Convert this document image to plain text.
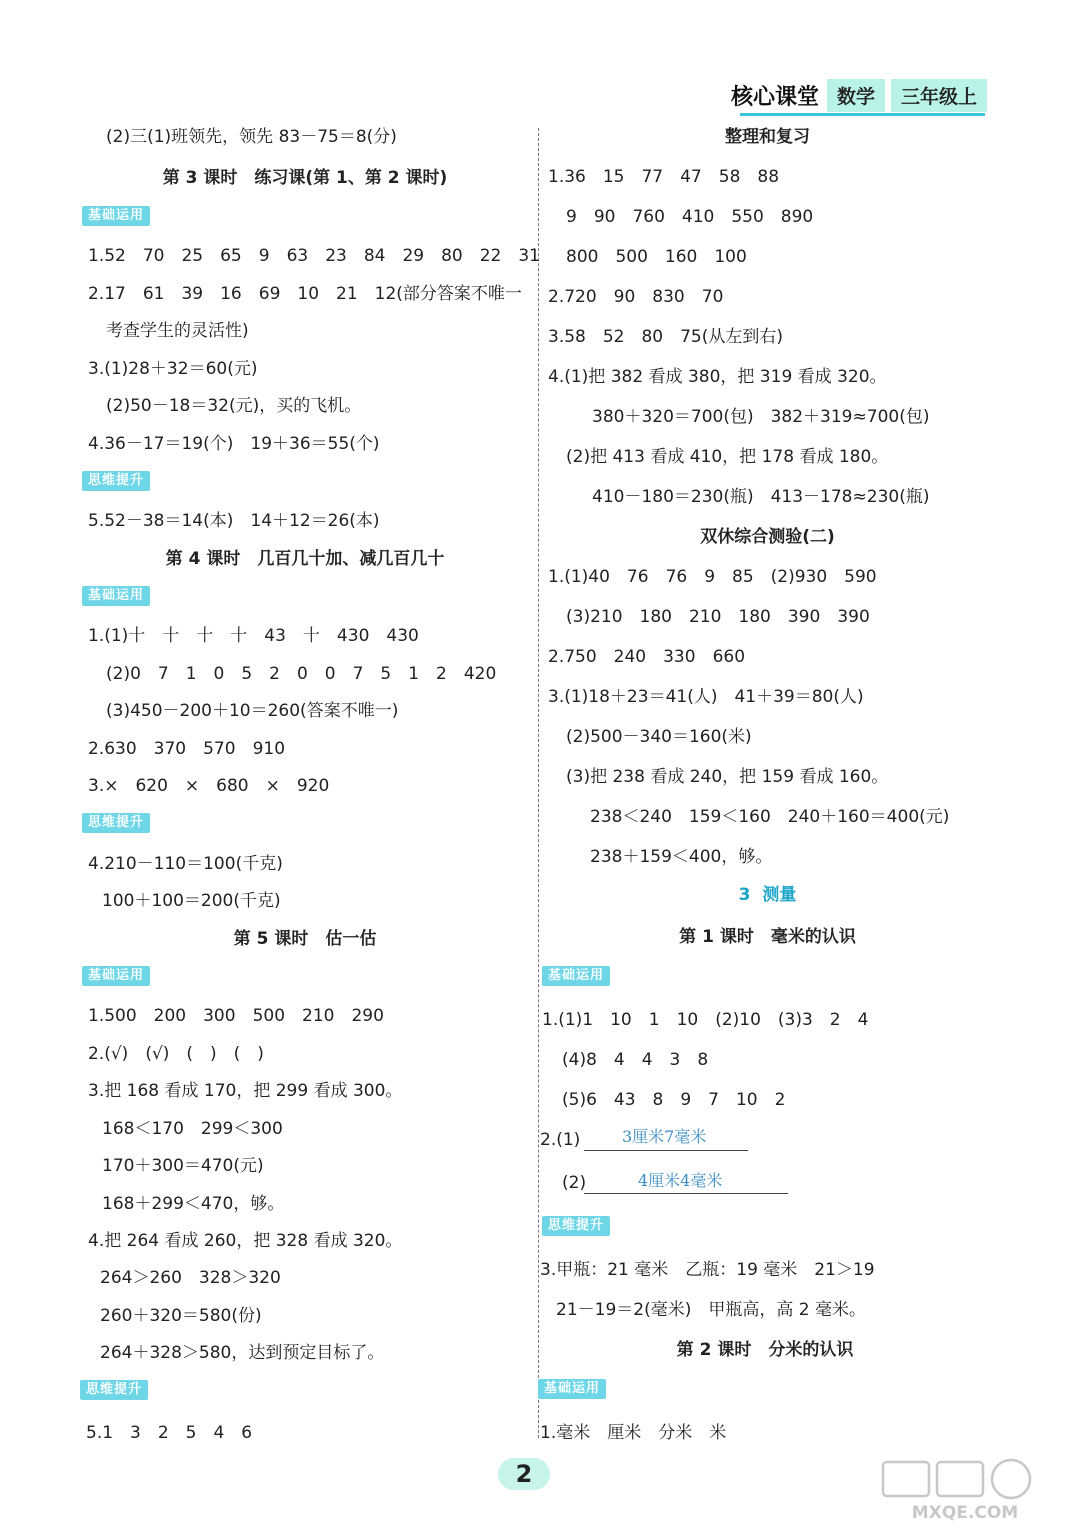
核心课堂 数学	三年级上
(2)三(1)班领先，领先 83－75＝8(分)
第 3 课时　练习课(第 1、第 2 课时)
基础运用
1.52　70　25　65　9　63　23　84　29　80　22　31
2.17　61　39　16　69　10　21　12(部分答案不唯一
考查学生的灵活性)
3.(1)28＋32＝60(元)
(2)50－18＝32(元)，买的飞机。
4.36－17＝19(个)　19＋36＝55(个)
思维提升
5.52－38＝14(本)　14＋12＝26(本)
第 4 课时　几百几十加、减几百几十
基础运用
1.(1)十　十　十　十　43　十　430　430
(2)0　7　1　0　5　2　0　0　7　5　1　2　420
(3)450－200＋10＝260(答案不唯一)
2.630　370　570　910
3.×　620　×　680　×　920
思维提升
4.210－110＝100(千克)
100＋100＝200(千克)
第 5 课时　估一估
基础运用
1.500　200　300　500　210　290
2.(√)　(√)　(　)　(　)
3.把 168 看成 170，把 299 看成 300。
168＜170　299＜300
170＋300＝470(元)
168＋299＜470，够。
4.把 264 看成 260，把 328 看成 320。
264＞260　328＞320
260＋320＝580(份)
264＋328＞580，达到预定目标了。
思维提升
5.1　3　2　5　4　6
整理和复习
1.36　15　77　47　58　88
9　90　760　410　550　890
800　500　160　100
2.720　90　830　70
3.58　52　80　75(从左到右)
4.(1)把 382 看成 380，把 319 看成 320。
380＋320＝700(包)　382＋319≈700(包)
(2)把 413 看成 410，把 178 看成 180。
410－180＝230(瓶)　413－178≈230(瓶)
双休综合测验(二)
1.(1)40　76　76　9　85　(2)930　590
(3)210　180　210　180　390　390
2.750　240　330　660
3.(1)18＋23＝41(人)　41＋39＝80(人)
(2)500－340＝160(米)
(3)把 238 看成 240，把 159 看成 160。
238＜240　159＜160　240＋160＝400(元)
238＋159＜400，够。
3 测量
第 1 课时　毫米的认识
基础运用
1.(1)1　10　1　10　(2)10　(3)3　2　4
(4)8　4　4　3　8
(5)6　43　8　9　7　10　2
2.(1)	3厘米7毫米
(2)	4厘米4毫米
思维提升
3.甲瓶：21 毫米　乙瓶：19 毫米　21＞19
21－19＝2(毫米)　甲瓶高，高 2 毫米。
第 2 课时　分米的认识
基础运用
1.毫米　厘米　分米　米
2
MXQE.COM
